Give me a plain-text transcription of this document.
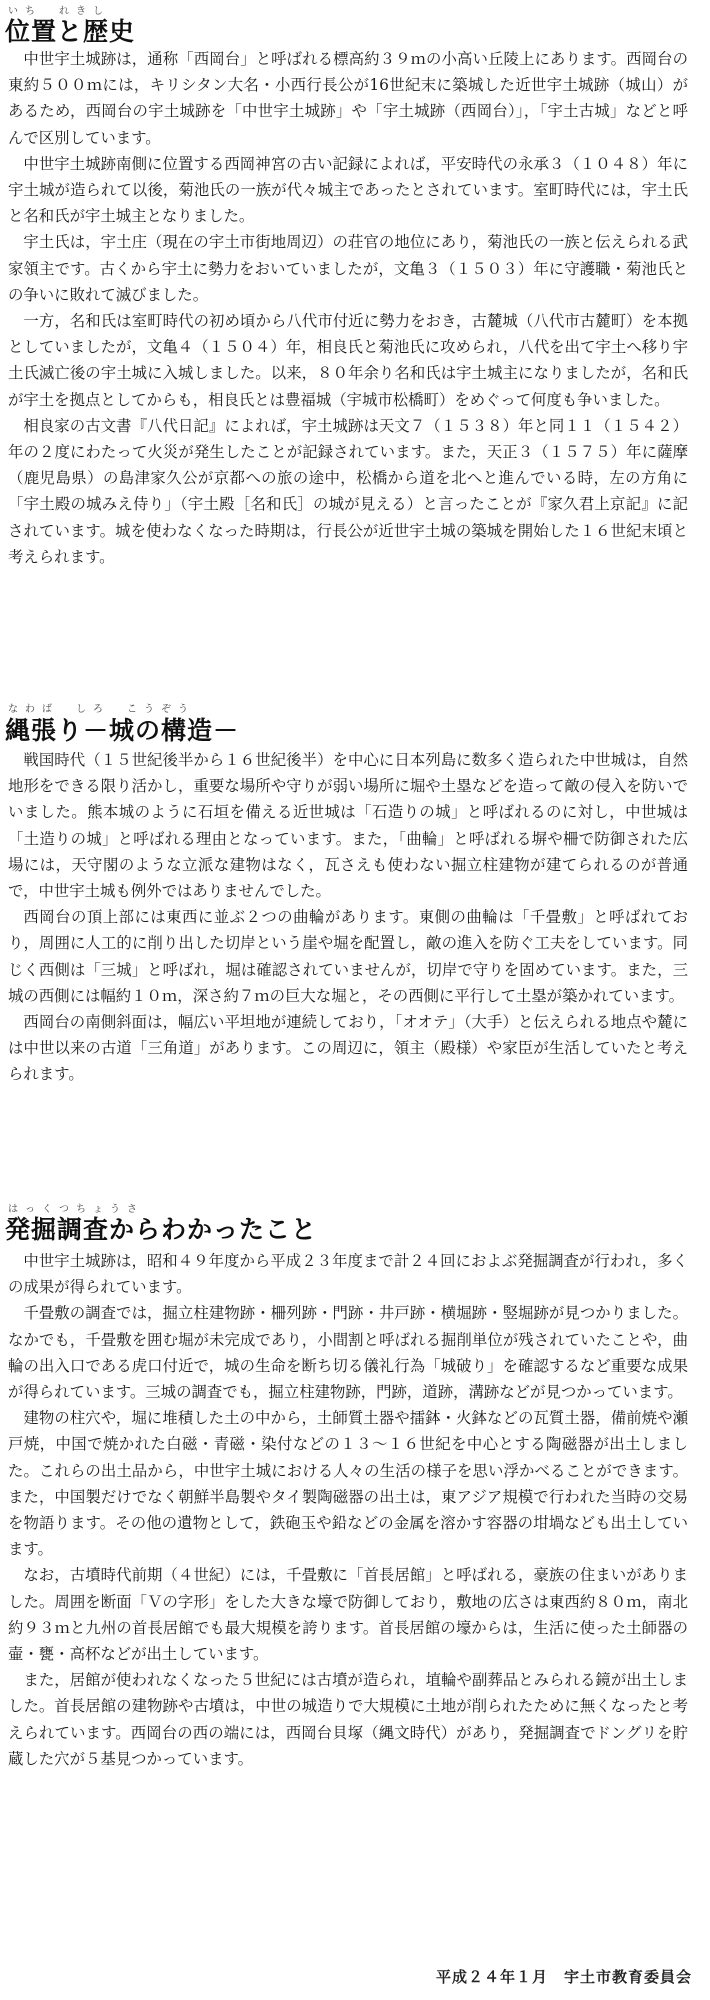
いち　れきし
位置と歴史

中世宇土城跡は，通称「西岡台」と呼ばれる標高約３９ｍの小高い丘陵上にあります。西岡台の東約５００ｍには，キリシタン大名・小西行長公が16世紀末に築城した近世宇土城跡（城山）があるため，西岡台の宇土城跡を「中世宇土城跡」や「宇土城跡（西岡台）」，「宇土古城」などと呼んで区別しています。

中世宇土城跡南側に位置する西岡神宮の古い記録によれば，平安時代の永承３（１０４８）年に宇土城が造られて以後，菊池氏の一族が代々城主であったとされています。室町時代には，宇土氏と名和氏が宇土城主となりました。

宇土氏は，宇土庄（現在の宇土市街地周辺）の荘官の地位にあり，菊池氏の一族と伝えられる武家領主です。古くから宇土に勢力をおいていましたが，文亀３（１５０３）年に守護職・菊池氏との争いに敗れて滅びました。

一方，名和氏は室町時代の初め頃から八代市付近に勢力をおき，古麓城（八代市古麓町）を本拠としていましたが，文亀４（１５０４）年，相良氏と菊池氏に攻められ，八代を出て宇土へ移り宇土氏滅亡後の宇土城に入城しました。以来，８０年余り名和氏は宇土城主になりましたが，名和氏が宇土を拠点としてからも，相良氏とは豊福城（宇城市松橋町）をめぐって何度も争いました。

相良家の古文書『八代日記』によれば，宇土城跡は天文７（１５３８）年と同１１（１５４２）年の２度にわたって火災が発生したことが記録されています。また，天正３（１５７５）年に薩摩（鹿児島県）の島津家久公が京都への旅の途中，松橋から道を北へと進んでいる時，左の方角に「宇土殿の城みえ侍り」（宇土殿［名和氏］の城が見える）と言ったことが『家久君上京記』に記されています。城を使わなくなった時期は，行長公が近世宇土城の築城を開始した１６世紀末頃と考えられます。

なわば　しろ　こうぞう
縄張り－城の構造－

戦国時代（１５世紀後半から１６世紀後半）を中心に日本列島に数多く造られた中世城は，自然地形をできる限り活かし，重要な場所や守りが弱い場所に堀や土塁などを造って敵の侵入を防いでいました。熊本城のように石垣を備える近世城は「石造りの城」と呼ばれるのに対し，中世城は「土造りの城」と呼ばれる理由となっています。また，「曲輪」と呼ばれる塀や柵で防御された広場には，天守閣のような立派な建物はなく，瓦さえも使わない掘立柱建物が建てられるのが普通で，中世宇土城も例外ではありませんでした。

西岡台の頂上部には東西に並ぶ２つの曲輪があります。東側の曲輪は「千畳敷」と呼ばれており，周囲に人工的に削り出した切岸という崖や堀を配置し，敵の進入を防ぐ工夫をしています。同じく西側は「三城」と呼ばれ，堀は確認されていませんが，切岸で守りを固めています。また，三城の西側には幅約１０ｍ，深さ約７ｍの巨大な堀と，その西側に平行して土塁が築かれています。

西岡台の南側斜面は，幅広い平坦地が連続しており，「オオテ」（大手）と伝えられる地点や麓には中世以来の古道「三角道」があります。この周辺に，領主（殿様）や家臣が生活していたと考えられます。

はっくつちょうさ
発掘調査からわかったこと

中世宇土城跡は，昭和４９年度から平成２３年度まで計２４回におよぶ発掘調査が行われ，多くの成果が得られています。

千畳敷の調査では，掘立柱建物跡・柵列跡・門跡・井戸跡・横堀跡・竪堀跡が見つかりました。なかでも，千畳敷を囲む堀が未完成であり，小間割と呼ばれる掘削単位が残されていたことや，曲輪の出入口である虎口付近で，城の生命を断ち切る儀礼行為「城破り」を確認するなど重要な成果が得られています。三城の調査でも，掘立柱建物跡，門跡，道跡，溝跡などが見つかっています。

建物の柱穴や，堀に堆積した土の中から，土師質土器や擂鉢・火鉢などの瓦質土器，備前焼や瀬戸焼，中国で焼かれた白磁・青磁・染付などの１３～１６世紀を中心とする陶磁器が出土しました。これらの出土品から，中世宇土城における人々の生活の様子を思い浮かべることができます。また，中国製だけでなく朝鮮半島製やタイ製陶磁器の出土は，東アジア規模で行われた当時の交易を物語ります。その他の遺物として，鉄砲玉や鉛などの金属を溶かす容器の坩堝なども出土しています。

なお，古墳時代前期（４世紀）には，千畳敷に「首長居館」と呼ばれる，豪族の住まいがありました。周囲を断面「Ｖの字形」をした大きな壕で防御しており，敷地の広さは東西約８０ｍ，南北約９３ｍと九州の首長居館でも最大規模を誇ります。首長居館の壕からは，生活に使った土師器の壷・甕・高杯などが出土しています。

また，居館が使われなくなった５世紀には古墳が造られ，埴輪や副葬品とみられる鏡が出土しました。首長居館の建物跡や古墳は，中世の城造りで大規模に土地が削られたために無くなったと考えられています。西岡台の西の端には，西岡台貝塚（縄文時代）があり，発掘調査でドングリを貯蔵した穴が５基見つかっています。

平成２４年１月　宇土市教育委員会
